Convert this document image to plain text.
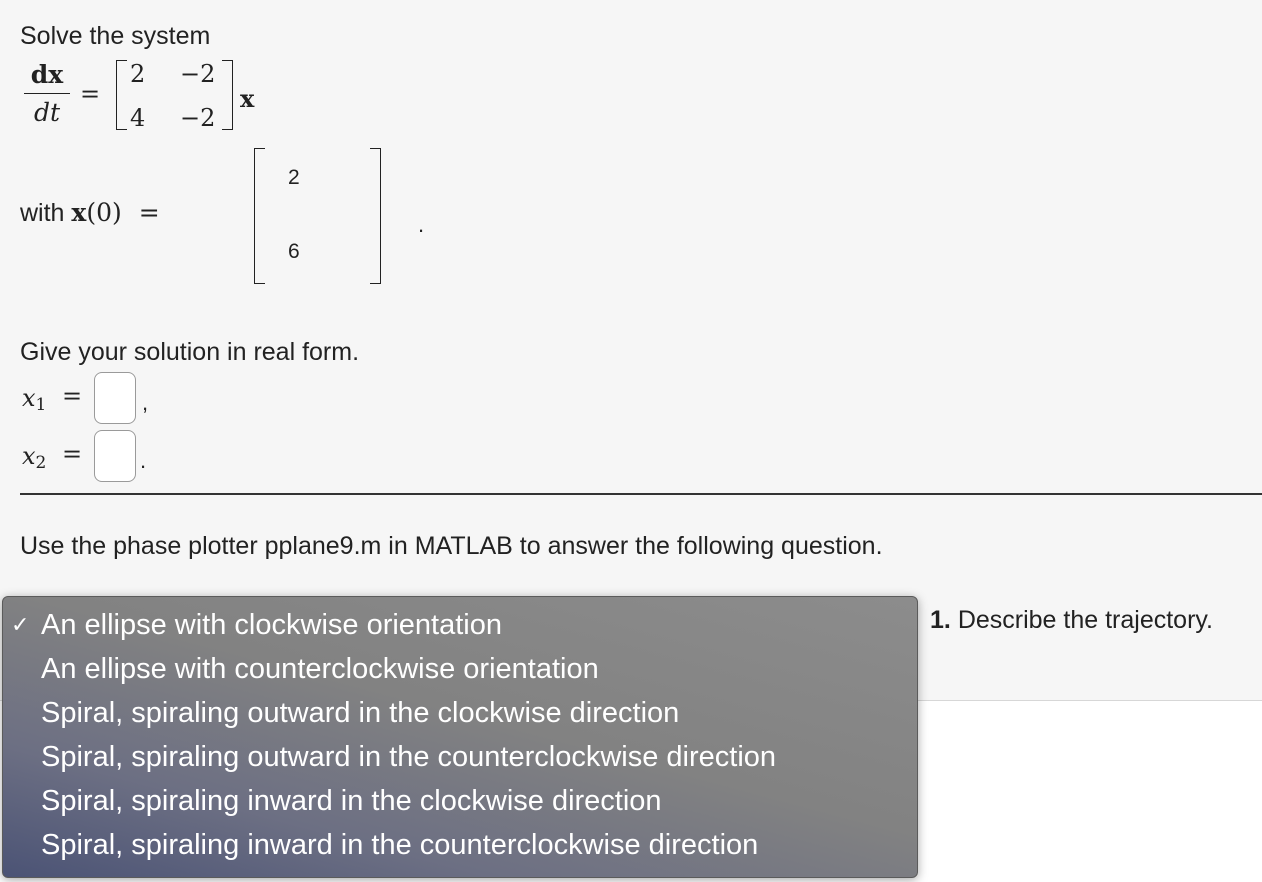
Solve the system
dx
dt
=
2 −2
4 −2
x
with x(0) =
2
6
.
Give your solution in real form.
$x_1$ =	,
$x_2$ =	.
Use the phase plotter pplane9.m in MATLAB to answer the following question.
1. Describe the trajectory.
✓ An ellipse with clockwise orientation
An ellipse with counterclockwise orientation
Spiral, spiraling outward in the clockwise direction
Spiral, spiraling outward in the counterclockwise direction
Spiral, spiraling inward in the clockwise direction
Spiral, spiraling inward in the counterclockwise direction
